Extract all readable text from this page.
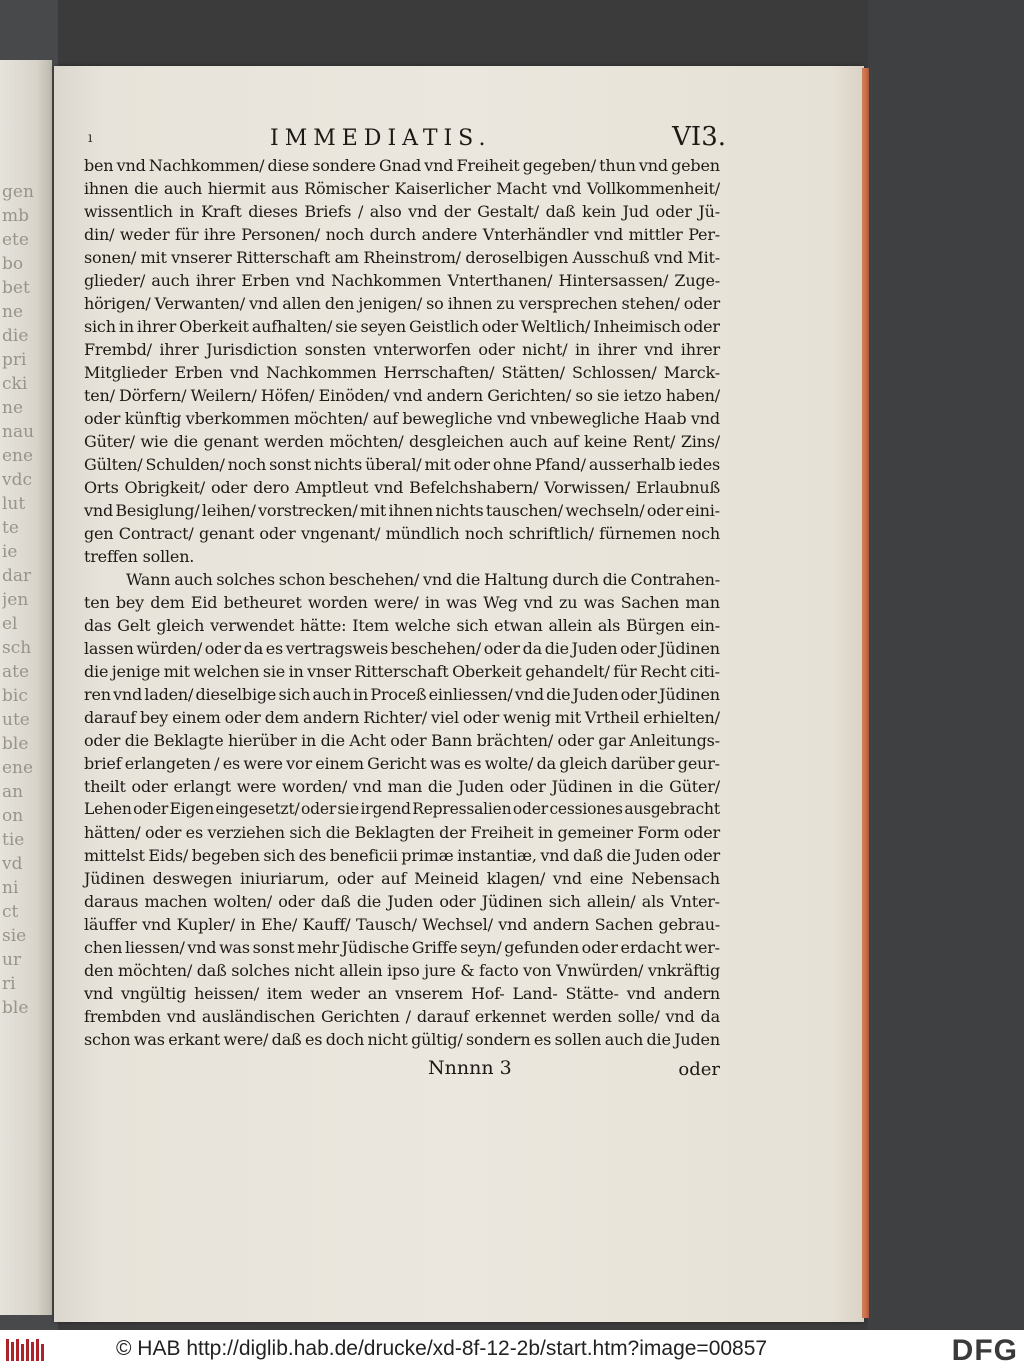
gen
mb
ete
bo
bet
ne
die
pri
cki
ne
nau
ene
vdc
lut
te
ie
dar
jen
el
sch
ate
bic
ute
ble
ene
an
on
tie
vd
ni
ct
sie
ur
ri
ble
ı	IMMEDIATIS.	VI3.
ben vnd Nachkommen/ diese sondere Gnad vnd Freiheit gegeben/ thun vnd geben
ihnen die auch hiermit aus Römischer Kaiserlicher Macht vnd Vollkommenheit/
wissentlich in Kraft dieses Briefs / also vnd der Gestalt/ daß kein Jud oder Jü-
din/ weder für ihre Personen/ noch durch andere Vnterhändler vnd mittler Per-
sonen/ mit vnserer Ritterschaft am Rheinstrom/ deroselbigen Ausschuß vnd Mit-
glieder/ auch ihrer Erben vnd Nachkommen Vnterthanen/ Hintersassen/ Zuge-
hörigen/ Verwanten/ vnd allen den jenigen/ so ihnen zu versprechen stehen/ oder
sich in ihrer Oberkeit aufhalten/ sie seyen Geistlich oder Weltlich/ Inheimisch oder
Frembd/ ihrer Jurisdiction sonsten vnterworfen oder nicht/ in ihrer vnd ihrer
Mitglieder Erben vnd Nachkommen Herrschaften/ Stätten/ Schlossen/ Marck-
ten/ Dörfern/ Weilern/ Höfen/ Einöden/ vnd andern Gerichten/ so sie ietzo haben/
oder künftig vberkommen möchten/ auf bewegliche vnd vnbewegliche Haab vnd
Güter/ wie die genant werden möchten/ desgleichen auch auf keine Rent/ Zins/
Gülten/ Schulden/ noch sonst nichts überal/ mit oder ohne Pfand/ ausserhalb iedes
Orts Obrigkeit/ oder dero Amptleut vnd Befelchshabern/ Vorwissen/ Erlaubnuß
vnd Besiglung/ leihen/ vorstrecken/ mit ihnen nichts tauschen/ wechseln/ oder eini-
gen Contract/ genant oder vngenant/ mündlich noch schriftlich/ fürnemen noch
treffen sollen.
Wann auch solches schon beschehen/ vnd die Haltung durch die Contrahen-
ten bey dem Eid betheuret worden were/ in was Weg vnd zu was Sachen man
das Gelt gleich verwendet hätte: Item welche sich etwan allein als Bürgen ein-
lassen würden/ oder da es vertragsweis beschehen/ oder da die Juden oder Jüdinen
die jenige mit welchen sie in vnser Ritterschaft Oberkeit gehandelt/ für Recht citi-
ren vnd laden/ dieselbige sich auch in Proceß einliessen/ vnd die Juden oder Jüdinen
darauf bey einem oder dem andern Richter/ viel oder wenig mit Vrtheil erhielten/
oder die Beklagte hierüber in die Acht oder Bann brächten/ oder gar Anleitungs-
brief erlangeten / es were vor einem Gericht was es wolte/ da gleich darüber geur-
theilt oder erlangt were worden/ vnd man die Juden oder Jüdinen in die Güter/
Lehen oder Eigen eingesetzt/ oder sie irgend Repressalien oder cessiones ausgebracht
hätten/ oder es verziehen sich die Beklagten der Freiheit in gemeiner Form oder
mittelst Eids/ begeben sich des beneficii primæ instantiæ, vnd daß die Juden oder
Jüdinen deswegen iniuriarum, oder auf Meineid klagen/ vnd eine Nebensach
daraus machen wolten/ oder daß die Juden oder Jüdinen sich allein/ als Vnter-
läuffer vnd Kupler/ in Ehe/ Kauff/ Tausch/ Wechsel/ vnd andern Sachen gebrau-
chen liessen/ vnd was sonst mehr Jüdische Griffe seyn/ gefunden oder erdacht wer-
den möchten/ daß solches nicht allein ipso jure & facto von Vnwürden/ vnkräftig
vnd vngültig heissen/ item weder an vnserem Hof- Land- Stätte- vnd andern
frembden vnd ausländischen Gerichten / darauf erkennet werden solle/ vnd da
schon was erkant were/ daß es doch nicht gültig/ sondern es sollen auch die Juden
Nnnnn 3	oder
© HAB http://diglib.hab.de/drucke/xd-8f-12-2b/start.htm?image=00857	DFG
